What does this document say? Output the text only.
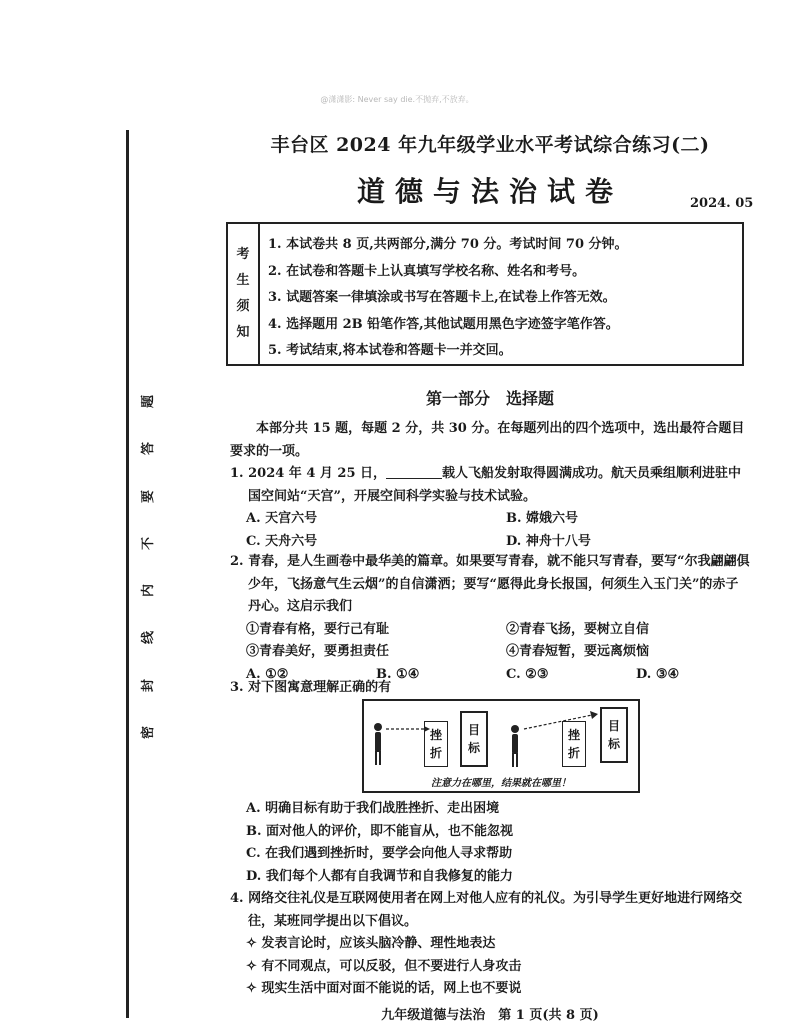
@潇潇影: Never say die.不抛弃,不放弃。
题
答
要
不
内
线
封
密
丰台区 2024 年九年级学业水平考试综合练习(二)
道德与法治试卷	2024. 05
考
生
须
知
1. 本试卷共 8 页,共两部分,满分 70 分。考试时间 70 分钟。
2. 在试卷和答题卡上认真填写学校名称、姓名和考号。
3. 试题答案一律填涂或书写在答题卡上,在试卷上作答无效。
4. 选择题用 2B 铅笔作答,其他试题用黑色字迹签字笔作答。
5. 考试结束,将本试卷和答题卡一并交回。
第一部分　选择题
本部分共 15 题，每题 2 分，共 30 分。在每题列出的四个选项中，选出最符合题目要求的一项。
1. 2024 年 4 月 25 日，	载人飞船发射取得圆满成功。航天员乘组顺利进驻中国空间站“天宫”，开展空间科学实验与技术试验。
A. 天宫六号	B. 嫦娥六号
C. 天舟六号	D. 神舟十八号
2. 青春，是人生画卷中最华美的篇章。如果要写青春，就不能只写青春，要写“尔我翩翩俱少年，飞扬意气生云烟”的自信潇洒；要写“愿得此身长报国，何须生入玉门关”的赤子丹心。这启示我们
①青春有格，要行己有耻	②青春飞扬，要树立自信
③青春美好，要勇担责任	④青春短暂，要远离烦恼
A. ①②	B. ①④	C. ②③	D. ③④
3. 对下图寓意理解正确的有
挫
折
目
标
挫
折
目
标
注意力在哪里，结果就在哪里！
A. 明确目标有助于我们战胜挫折、走出困境
B. 面对他人的评价，即不能盲从，也不能忽视
C. 在我们遇到挫折时，要学会向他人寻求帮助
D. 我们每个人都有自我调节和自我修复的能力
4. 网络交往礼仪是互联网使用者在网上对他人应有的礼仪。为引导学生更好地进行网络交往，某班同学提出以下倡议。
✧ 发表言论时，应该头脑冷静、理性地表达
✧ 有不同观点，可以反驳，但不要进行人身攻击
✧ 现实生活中面对面不能说的话，网上也不要说
九年级道德与法治　第 1 页(共 8 页)
